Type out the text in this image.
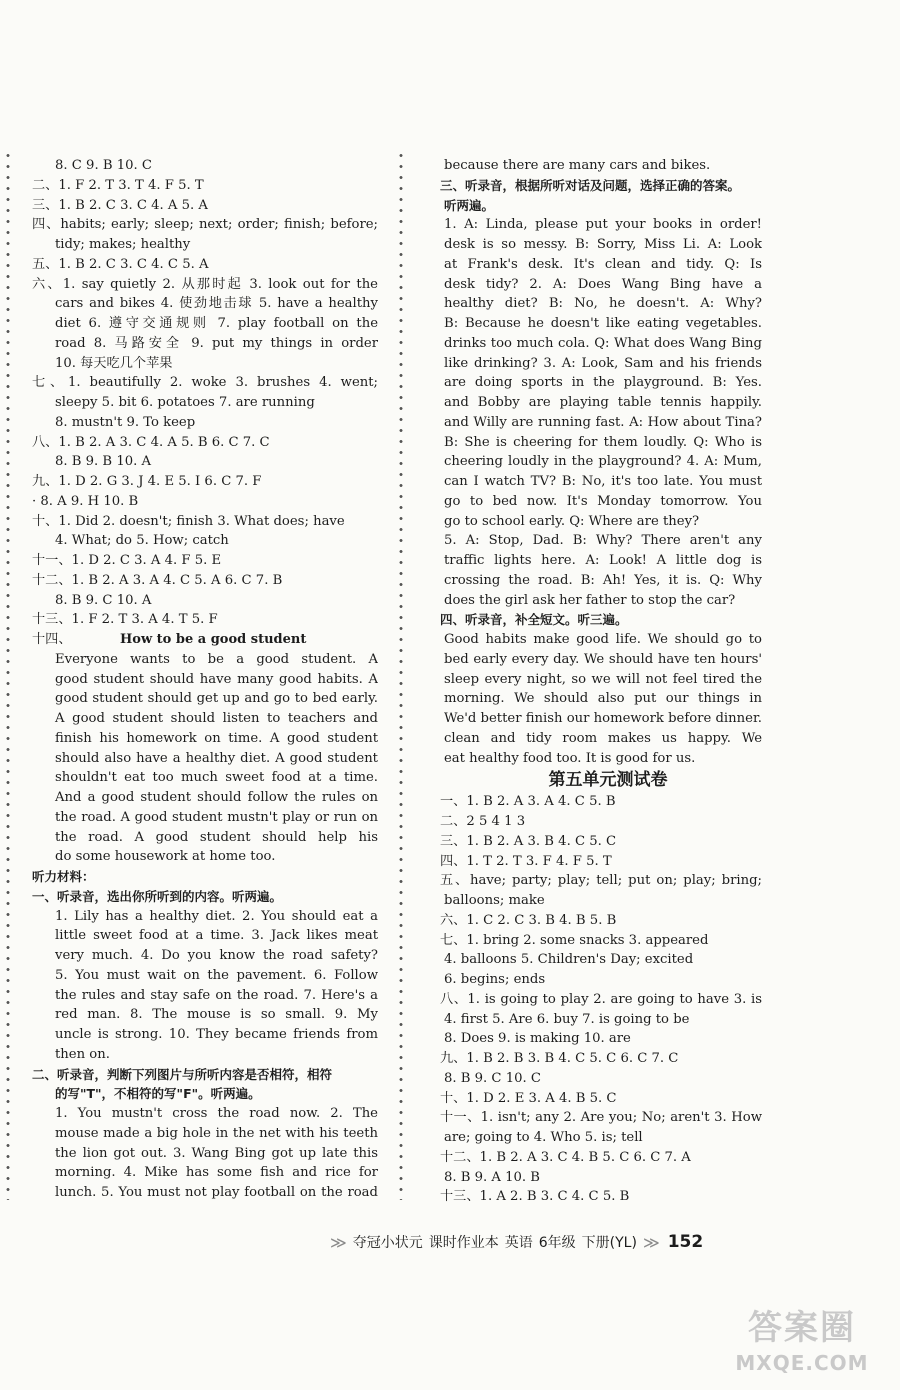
8. C 9. B 10. C
二、1. F 2. T 3. T 4. F 5. T
三、1. B 2. C 3. C 4. A 5. A
四、habits; early; sleep; next; order; finish; before;
tidy; makes; healthy
五、1. B 2. C 3. C 4. C 5. A
六、1. say quietly 2. 从那时起 3. look out for the
cars and bikes 4. 使劲地击球 5. have a healthy
diet 6. 遵守交通规则 7. play football on the
road 8. 马路安全 9. put my things in order
10. 每天吃几个苹果
七、1. beautifully 2. woke 3. brushes 4. went;
sleepy 5. bit 6. potatoes 7. are running
8. mustn't 9. To keep
八、1. B 2. A 3. C 4. A 5. B 6. C 7. C
8. B 9. B 10. A
九、1. D 2. G 3. J 4. E 5. I 6. C 7. F
· 8. A 9. H 10. B
十、1. Did 2. doesn't; finish 3. What does; have
4. What; do 5. How; catch
十一、1. D 2. C 3. A 4. F 5. E
十二、1. B 2. A 3. A 4. C 5. A 6. C 7. B
8. B 9. C 10. A
十三、1. F 2. T 3. A 4. T 5. F
十四、	How to be a good student
Everyone wants to be a good student. A
good student should have many good habits. A
good student should get up and go to bed early.
A good student should listen to teachers and
finish his homework on time. A good student
should also have a healthy diet. A good student
shouldn't eat too much sweet food at a time.
And a good student should follow the rules on
the road. A good student mustn't play or run on
the road. A good student should help his
do some housework at home too.
听力材料：
一、听录音，选出你所听到的内容。听两遍。
1. Lily has a healthy diet. 2. You should eat a
little sweet food at a time. 3. Jack likes meat
very much. 4. Do you know the road safety?
5. You must wait on the pavement. 6. Follow
the rules and stay safe on the road. 7. Here's a
red man. 8. The mouse is so small. 9. My
uncle is strong. 10. They became friends from
then on.
二、听录音，判断下列图片与所听内容是否相符，相符
的写"T"，不相符的写"F"。听两遍。
1. You mustn't cross the road now. 2. The
mouse made a big hole in the net with his teeth
the lion got out. 3. Wang Bing got up late this
morning. 4. Mike has some fish and rice for
lunch. 5. You must not play football on the road
because there are many cars and bikes.
三、听录音，根据所听对话及问题，选择正确的答案。
听两遍。
1. A: Linda, please put your books in order!
desk is so messy. B: Sorry, Miss Li. A: Look
at Frank's desk. It's clean and tidy. Q: Is
desk tidy? 2. A: Does Wang Bing have a
healthy diet? B: No, he doesn't. A: Why?
B: Because he doesn't like eating vegetables.
drinks too much cola. Q: What does Wang Bing
like drinking? 3. A: Look, Sam and his friends
are doing sports in the playground. B: Yes.
and Bobby are playing table tennis happily.
and Willy are running fast. A: How about Tina?
B: She is cheering for them loudly. Q: Who is
cheering loudly in the playground? 4. A: Mum,
can I watch TV? B: No, it's too late. You must
go to bed now. It's Monday tomorrow. You
go to school early. Q: Where are they?
5. A: Stop, Dad. B: Why? There aren't any
traffic lights here. A: Look! A little dog is
crossing the road. B: Ah! Yes, it is. Q: Why
does the girl ask her father to stop the car?
四、听录音，补全短文。听三遍。
Good habits make good life. We should go to
bed early every day. We should have ten hours'
sleep every night, so we will not feel tired the
morning. We should also put our things in
We'd better finish our homework before dinner.
clean and tidy room makes us happy. We
eat healthy food too. It is good for us.
第五单元测试卷
一、1. B 2. A 3. A 4. C 5. B
二、2 5 4 1 3
三、1. B 2. A 3. B 4. C 5. C
四、1. T 2. T 3. F 4. F 5. T
五、have; party; play; tell; put on; play; bring;
balloons; make
六、1. C 2. C 3. B 4. B 5. B
七、1. bring 2. some snacks 3. appeared
4. balloons 5. Children's Day; excited
6. begins; ends
八、1. is going to play 2. are going to have 3. is
4. first 5. Are 6. buy 7. is going to be
8. Does 9. is making 10. are
九、1. B 2. B 3. B 4. C 5. C 6. C 7. C
8. B 9. C 10. C
十、1. D 2. E 3. A 4. B 5. C
十一、1. isn't; any 2. Are you; No; aren't 3. How
are; going to 4. Who 5. is; tell
十二、1. B 2. A 3. C 4. B 5. C 6. C 7. A
8. B 9. A 10. B
十三、1. A 2. B 3. C 4. C 5. B
≫ 夺冠小状元 课时作业本 英语 6年级 下册(YL) ≫ 152
答案圈
MXQE.COM
